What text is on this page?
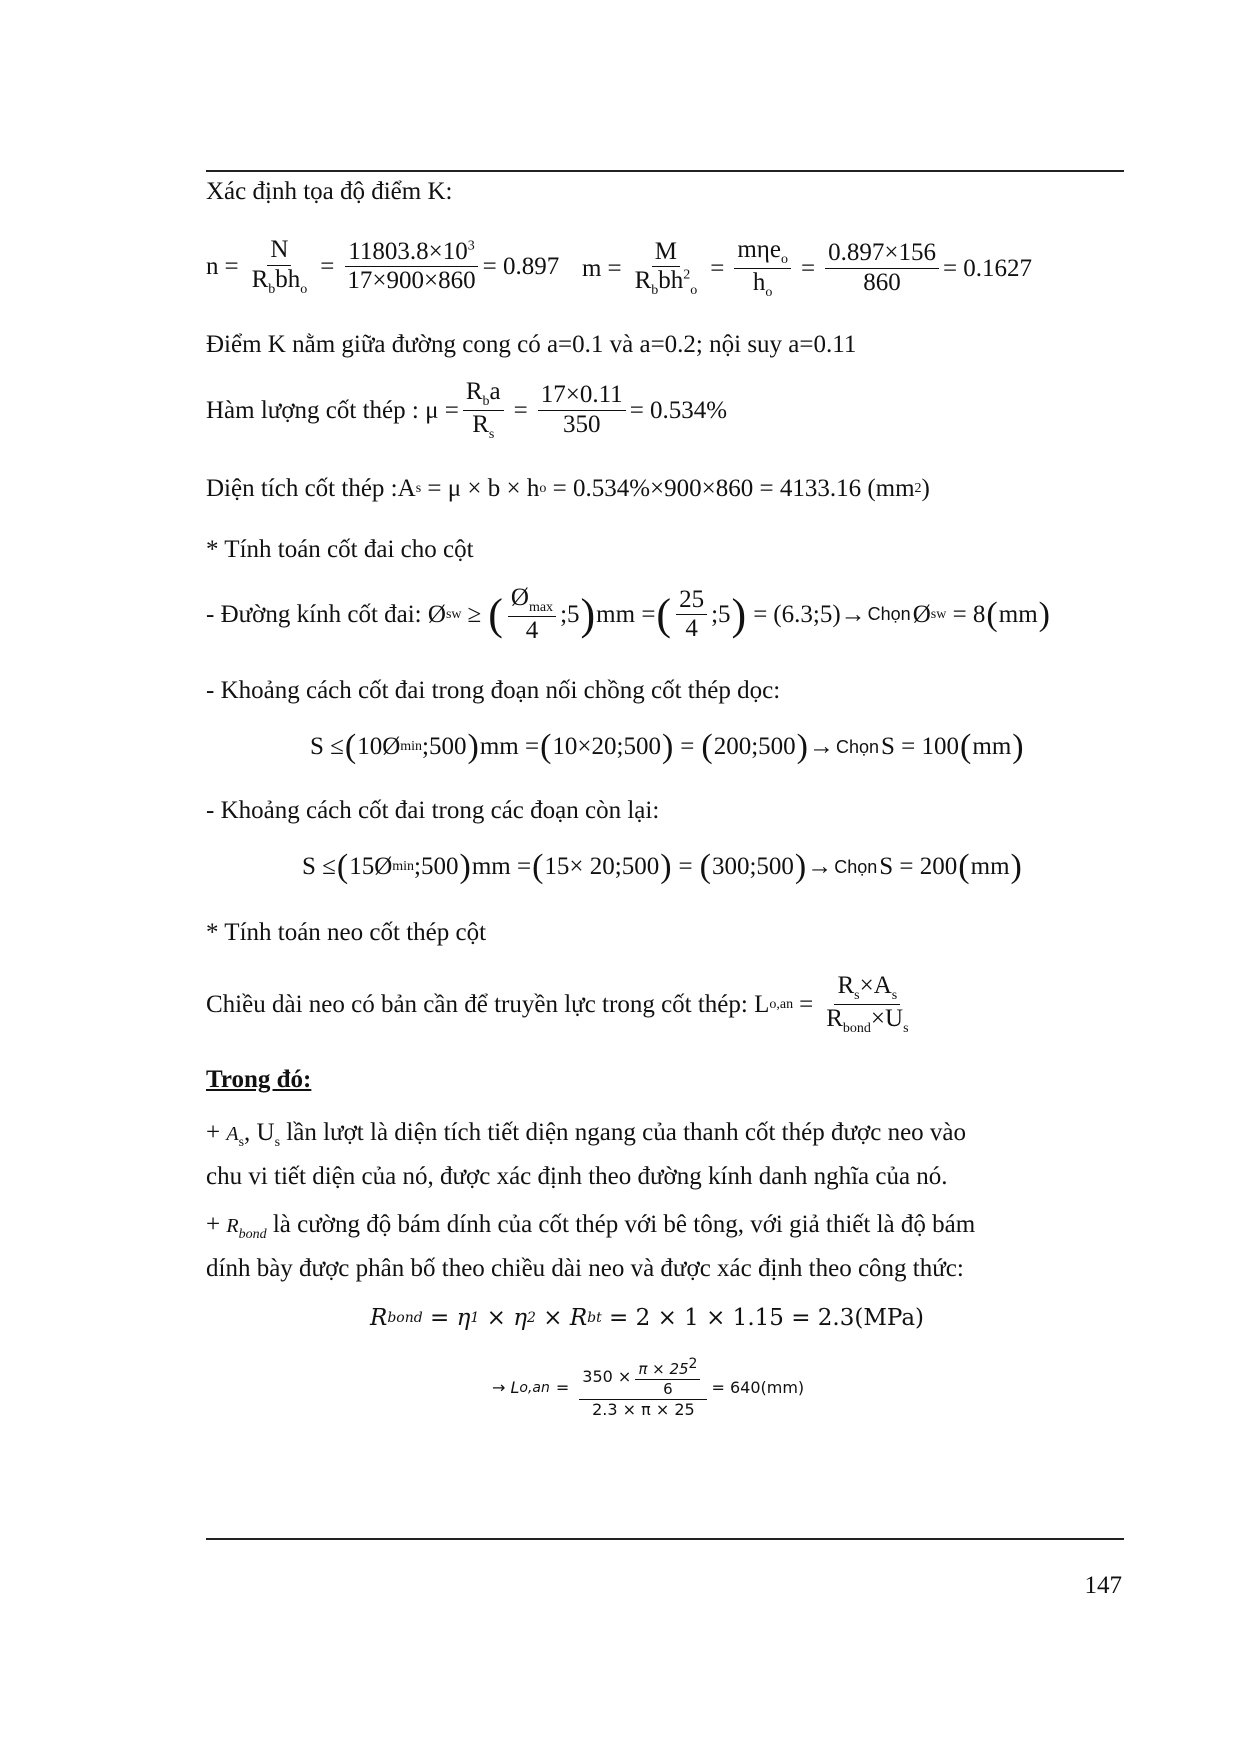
Xác định tọa độ điểm K:
$n = \frac{N}{R_bbh_o} = \frac{11803.8\times 10^3}{17\times 900\times 860} = 0.897$ $m = \frac{M}{R_bbh^2_o} = \frac{m\eta e_o}{h_o} = \frac{0.897\times 156}{860} = 0.1627$
Điểm K nằm giữa đường cong có a=0.1 và a=0.2; nội suy a=0.11
Hàm lượng cốt thép : $\mu = \frac{R_ba}{R_s} = \frac{17\times 0.11}{350} = 0.534\%$
Diện tích cốt thép : A s = μ × b × h o = 0.534%×900×860 = 4133.16 (mm 2 )
* Tính toán cốt đai cho cột
- Đường kính cốt đai: Ø sw ≥ ( $\frac{Ø_{max}}{4}$ ;5 ) mm = ( $\frac{25}{4}$ ;5 ) = (6.3;5) → Chọn Ø sw = 8 ( mm )
- Khoảng cách cốt đai trong đoạn nối chồng cốt thép dọc:
S ≤ ( 10Ø min ;500 ) mm = ( 10×20;500 ) = ( 200;500 ) → Chọn S = 100 ( mm )
- Khoảng cách cốt đai trong các đoạn còn lại:
S ≤ ( 15Ø min ;500 ) mm = ( 15× 20;500 ) = ( 300;500 ) → Chọn S = 200 ( mm )
* Tính toán neo cốt thép cột
Chiều dài neo có bản cần để truyền lực trong cốt thép: L $o,an = \frac{R_s\times A_s}{R_{bond}\times U_s}$
Trong đó:
+ $A_s$, $U_s$ lần lượt là diện tích tiết diện ngang của thanh cốt thép được neo vào
chu vi tiết diện của nó, được xác định theo đường kính danh nghĩa của nó.
+ $R_{bond}$ là cường độ bám dính của cốt thép với bê tông, với giả thiết là độ bám
dính bày được phân bố theo chiều dài neo và được xác định theo công thức:
R bond = η 1 × η 2 × R bt = 2 × 1 × 1.15 = 2.3(MPa)
→ L $o,an = \frac{350 \times \frac{\pi \times 25^2}{6}}{2.3 \times \pi \times 25} = 640(mm)$
147
